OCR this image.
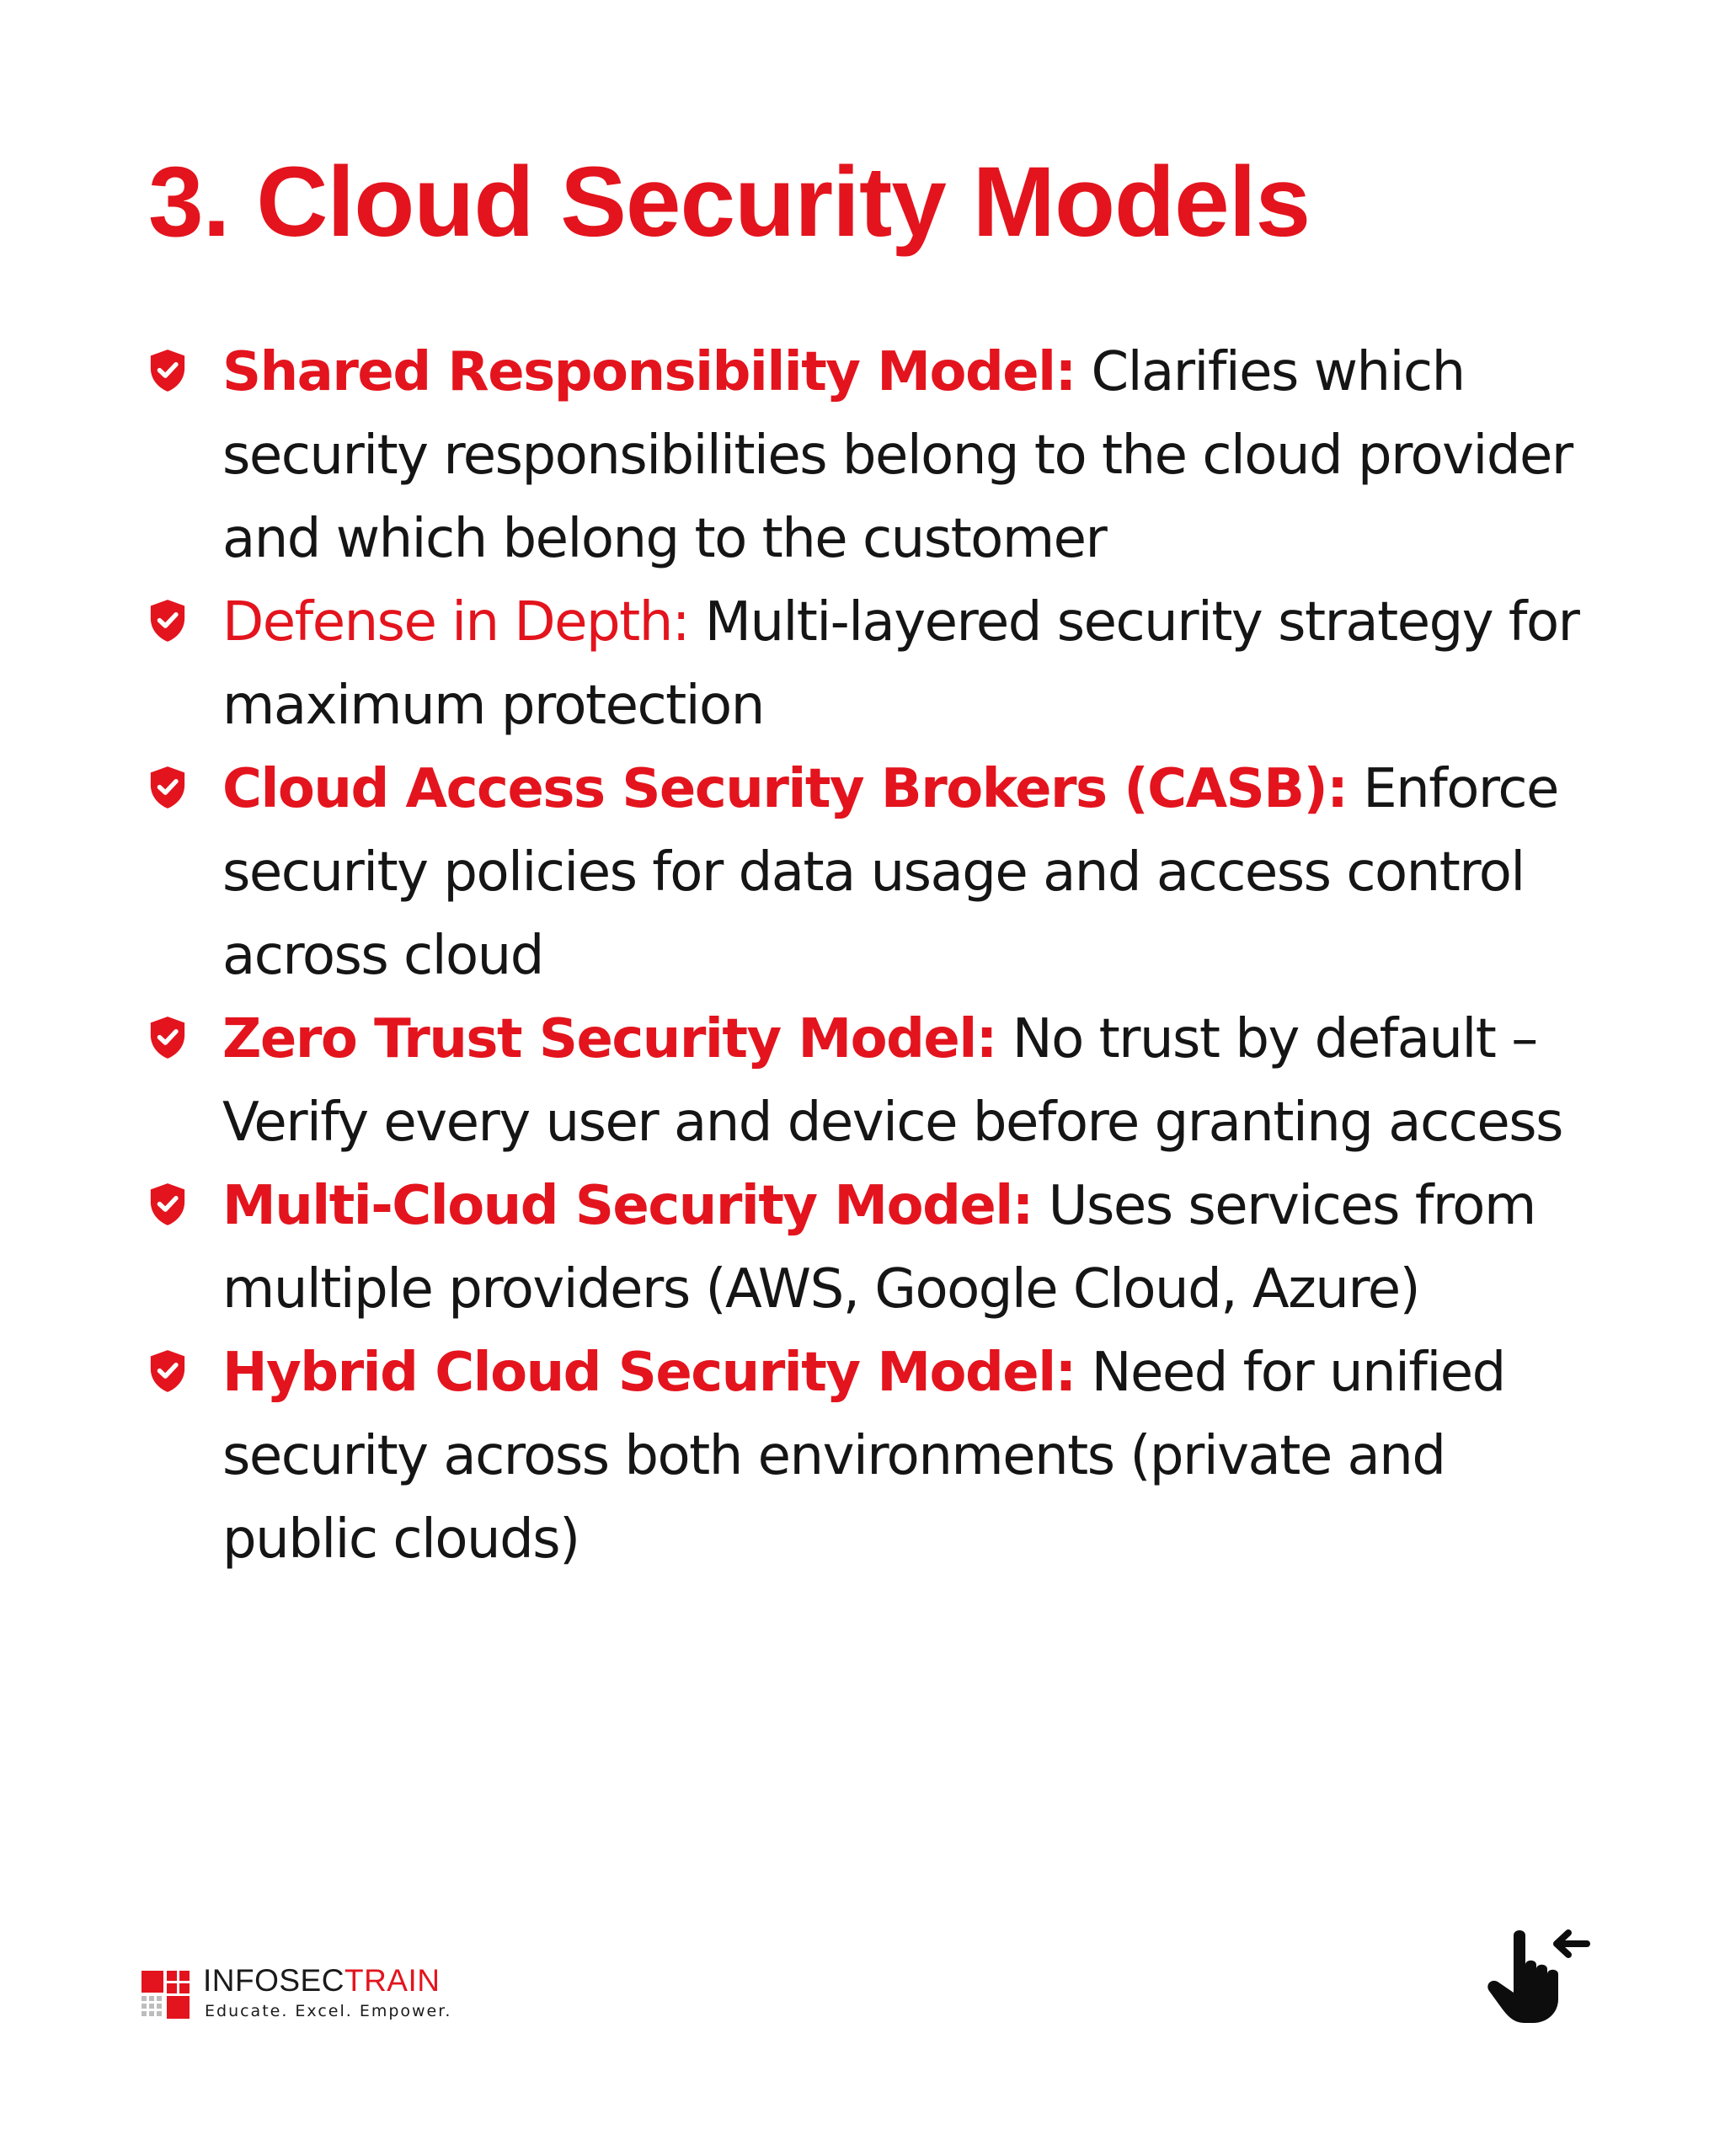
3. Cloud Security Models
Shared Responsibility Model: Clarifies which security responsibilities belong to the cloud provider and which belong to the customer
Defense in Depth: Multi-layered security strategy for maximum protection
Cloud Access Security Brokers (CASB): Enforce security policies for data usage and access control across cloud
Zero Trust Security Model: No trust by default – Verify every user and device before granting access
Multi-Cloud Security Model: Uses services from multiple providers (AWS, Google Cloud, Azure)
Hybrid Cloud Security Model: Need for unified security across both environments (private and public clouds)
INFOSECTRAIN
Educate. Excel. Empower.
